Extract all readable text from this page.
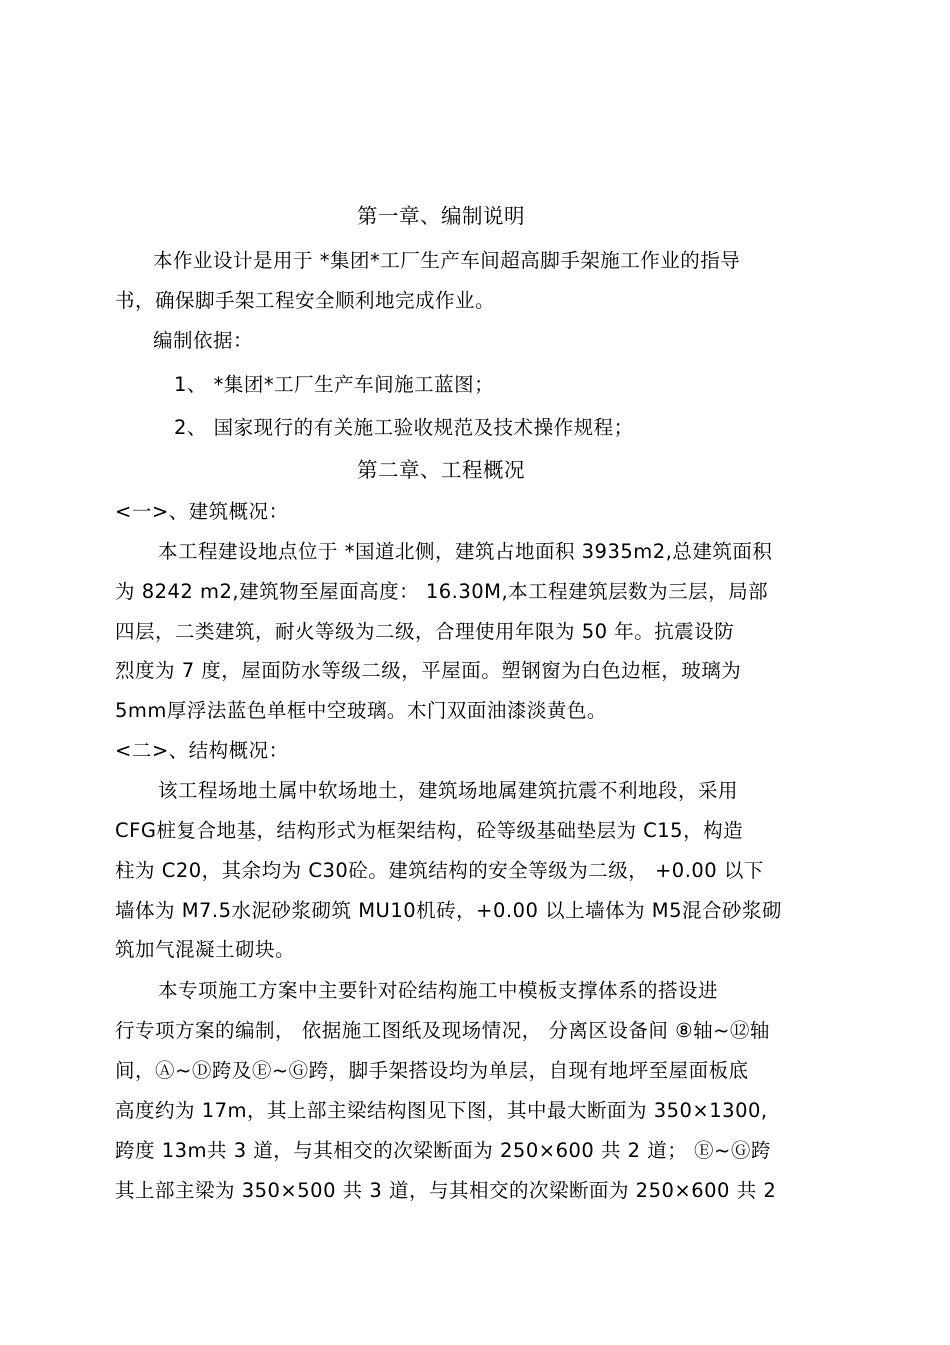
第一章、编制说明
本作业设计是用于 *集团*工厂生产车间超高脚手架施工作业的指导
书，确保脚手架工程安全顺利地完成作业。
编制依据：
1、 *集团*工厂生产车间施工蓝图；
2、 国家现行的有关施工验收规范及技术操作规程；
第二章、工程概况
<一>、建筑概况：
本工程建设地点位于 *国道北侧，建筑占地面积 3935m2,总建筑面积
为 8242 m2,建筑物至屋面高度： 16.30M,本工程建筑层数为三层，局部
四层，二类建筑，耐火等级为二级，合理使用年限为 50 年。抗震设防
烈度为 7 度，屋面防水等级二级，平屋面。塑钢窗为白色边框，玻璃为
5mm厚浮法蓝色单框中空玻璃。木门双面油漆淡黄色。
<二>、结构概况：
该工程场地土属中软场地土，建筑场地属建筑抗震不利地段，采用
CFG桩复合地基，结构形式为框架结构，砼等级基础垫层为 C15，构造
柱为 C20，其余均为 C30砼。建筑结构的安全等级为二级， +0.00 以下
墙体为 M7.5水泥砂浆砌筑 MU10机砖，+0.00 以上墙体为 M5混合砂浆砌
筑加气混凝土砌块。
本专项施工方案中主要针对砼结构施工中模板支撑体系的搭设进
行专项方案的编制， 依据施工图纸及现场情况， 分离区设备间 ⑧轴~⑫轴
间，Ⓐ~Ⓓ跨及Ⓔ~Ⓖ跨，脚手架搭设均为单层，自现有地坪至屋面板底
高度约为 17m，其上部主梁结构图见下图，其中最大断面为 350×1300,
跨度 13m共 3 道，与其相交的次梁断面为 250×600 共 2 道； Ⓔ~Ⓖ跨
其上部主梁为 350×500 共 3 道，与其相交的次梁断面为 250×600 共 2
